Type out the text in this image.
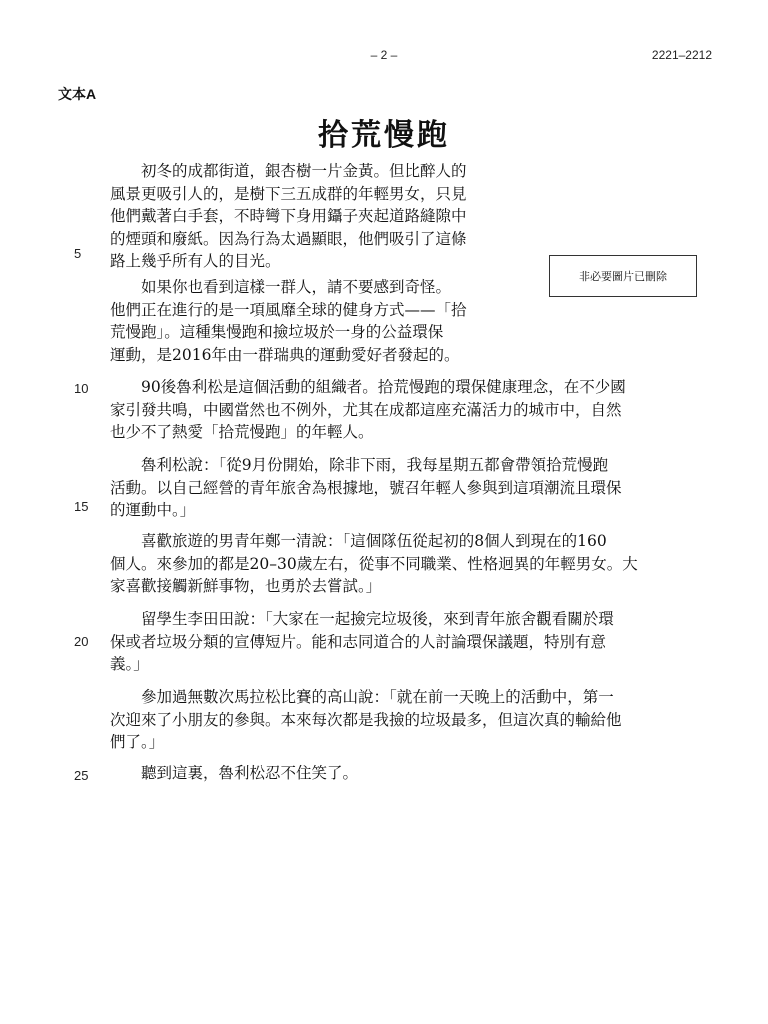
– 2 –	2221–2212
文本A
拾荒慢跑
非必要圖片已刪除
　　初冬的成都街道，銀杏樹一片金黃。但比醉人的
風景更吸引人的，是樹下三五成群的年輕男女，只見
他們戴著白手套，不時彎下身用鑷子夾起道路縫隙中
的煙頭和廢紙。因為行為太過顯眼，他們吸引了這條
路上幾乎所有人的目光。
　　如果你也看到這樣一群人，請不要感到奇怪。
他們正在進行的是一項風靡全球的健身方式——「拾
荒慢跑」。這種集慢跑和撿垃圾於一身的公益環保
運動，是2016年由一群瑞典的運動愛好者發起的。
　　90後魯利松是這個活動的組織者。拾荒慢跑的環保健康理念，在不少國
家引發共鳴，中國當然也不例外，尤其在成都這座充滿活力的城市中，自然
也少不了熱愛「拾荒慢跑」的年輕人。
　　魯利松說：「從9月份開始，除非下雨，我每星期五都會帶領拾荒慢跑
活動。以自己經營的青年旅舍為根據地，號召年輕人參與到這項潮流且環保
的運動中。」
　　喜歡旅遊的男青年鄭一清說：「這個隊伍從起初的8個人到現在的160
個人。來參加的都是20–30歲左右，從事不同職業、性格迥異的年輕男女。大
家喜歡接觸新鮮事物，也勇於去嘗試。」
　　留學生李田田說：「大家在一起撿完垃圾後，來到青年旅舍觀看關於環
保或者垃圾分類的宣傳短片。能和志同道合的人討論環保議題，特別有意
義。」
　　參加過無數次馬拉松比賽的高山說：「就在前一天晚上的活動中，第一
次迎來了小朋友的參與。本來每次都是我撿的垃圾最多，但這次真的輸給他
們了。」
　　聽到這裏，魯利松忍不住笑了。
5
10
15
20
25
